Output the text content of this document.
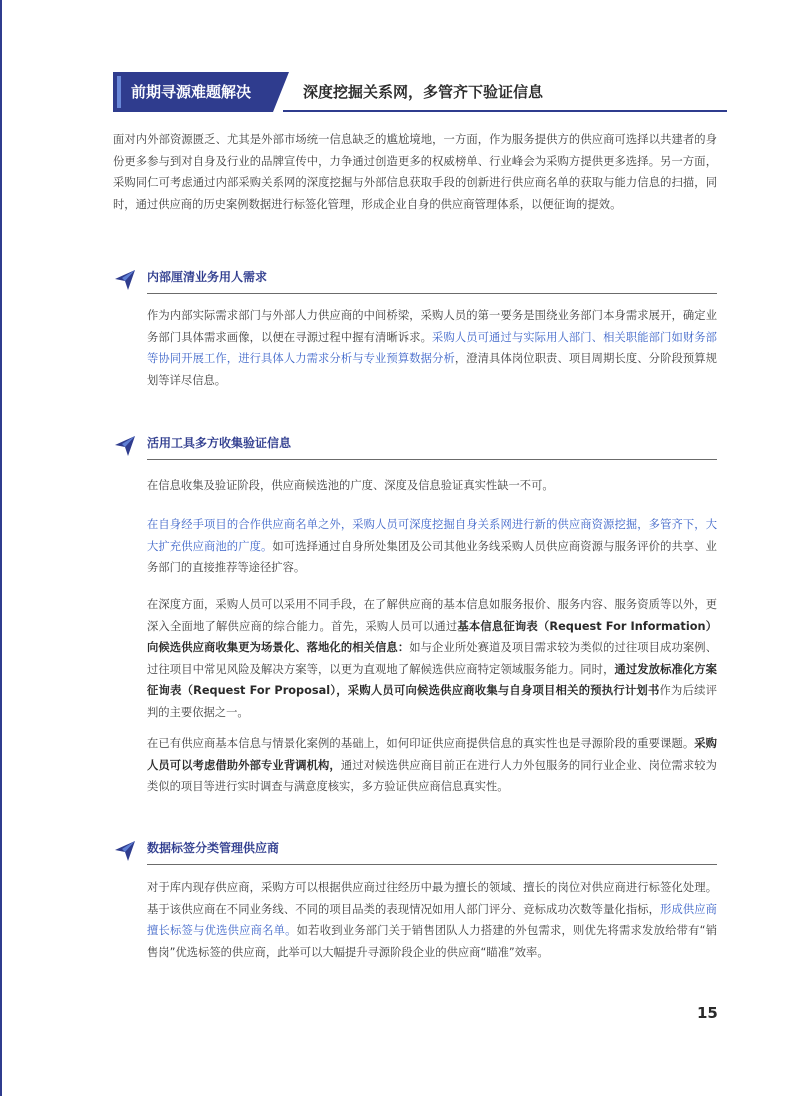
前期寻源难题解决	深度挖掘关系网，多管齐下验证信息

面对内外部资源匮乏、尤其是外部市场统一信息缺乏的尴尬境地，一方面，作为服务提供方的供应商可选择以共建者的身份更多参与到对自身及行业的品牌宣传中，力争通过创造更多的权威榜单、行业峰会为采购方提供更多选择。另一方面，采购同仁可考虑通过内部采购关系网的深度挖掘与外部信息获取手段的创新进行供应商名单的获取与能力信息的扫描，同时，通过供应商的历史案例数据进行标签化管理，形成企业自身的供应商管理体系，以便征询的提效。

内部厘清业务用人需求

作为内部实际需求部门与外部人力供应商的中间桥梁，采购人员的第一要务是围绕业务部门本身需求展开，确定业务部门具体需求画像，以便在寻源过程中握有清晰诉求。采购人员可通过与实际用人部门、相关职能部门如财务部等协同开展工作，进行具体人力需求分析与专业预算数据分析，澄清具体岗位职责、项目周期长度、分阶段预算规划等详尽信息。

活用工具多方收集验证信息

在信息收集及验证阶段，供应商候选池的广度、深度及信息验证真实性缺一不可。

在自身经手项目的合作供应商名单之外，采购人员可深度挖掘自身关系网进行新的供应商资源挖掘，多管齐下，大大扩充供应商池的广度。如可选择通过自身所处集团及公司其他业务线采购人员供应商资源与服务评价的共享、业务部门的直接推荐等途径扩容。

在深度方面，采购人员可以采用不同手段，在了解供应商的基本信息如服务报价、服务内容、服务资质等以外，更深入全面地了解供应商的综合能力。首先，采购人员可以通过基本信息征询表（Request For Information）向候选供应商收集更为场景化、落地化的相关信息：如与企业所处赛道及项目需求较为类似的过往项目成功案例、过往项目中常见风险及解决方案等，以更为直观地了解候选供应商特定领域服务能力。同时，通过发放标准化方案征询表（Request For Proposal），采购人员可向候选供应商收集与自身项目相关的预执行计划书作为后续评判的主要依据之一。

在已有供应商基本信息与情景化案例的基础上，如何印证供应商提供信息的真实性也是寻源阶段的重要课题。采购人员可以考虑借助外部专业背调机构，通过对候选供应商目前正在进行人力外包服务的同行业企业、岗位需求较为类似的项目等进行实时调查与满意度核实，多方验证供应商信息真实性。

数据标签分类管理供应商

对于库内现存供应商，采购方可以根据供应商过往经历中最为擅长的领域、擅长的岗位对供应商进行标签化处理。基于该供应商在不同业务线、不同的项目品类的表现情况如用人部门评分、竞标成功次数等量化指标，形成供应商擅长标签与优选供应商名单。如若收到业务部门关于销售团队人力搭建的外包需求，则优先将需求发放给带有“销售岗”优选标签的供应商，此举可以大幅提升寻源阶段企业的供应商“瞄准”效率。

15
